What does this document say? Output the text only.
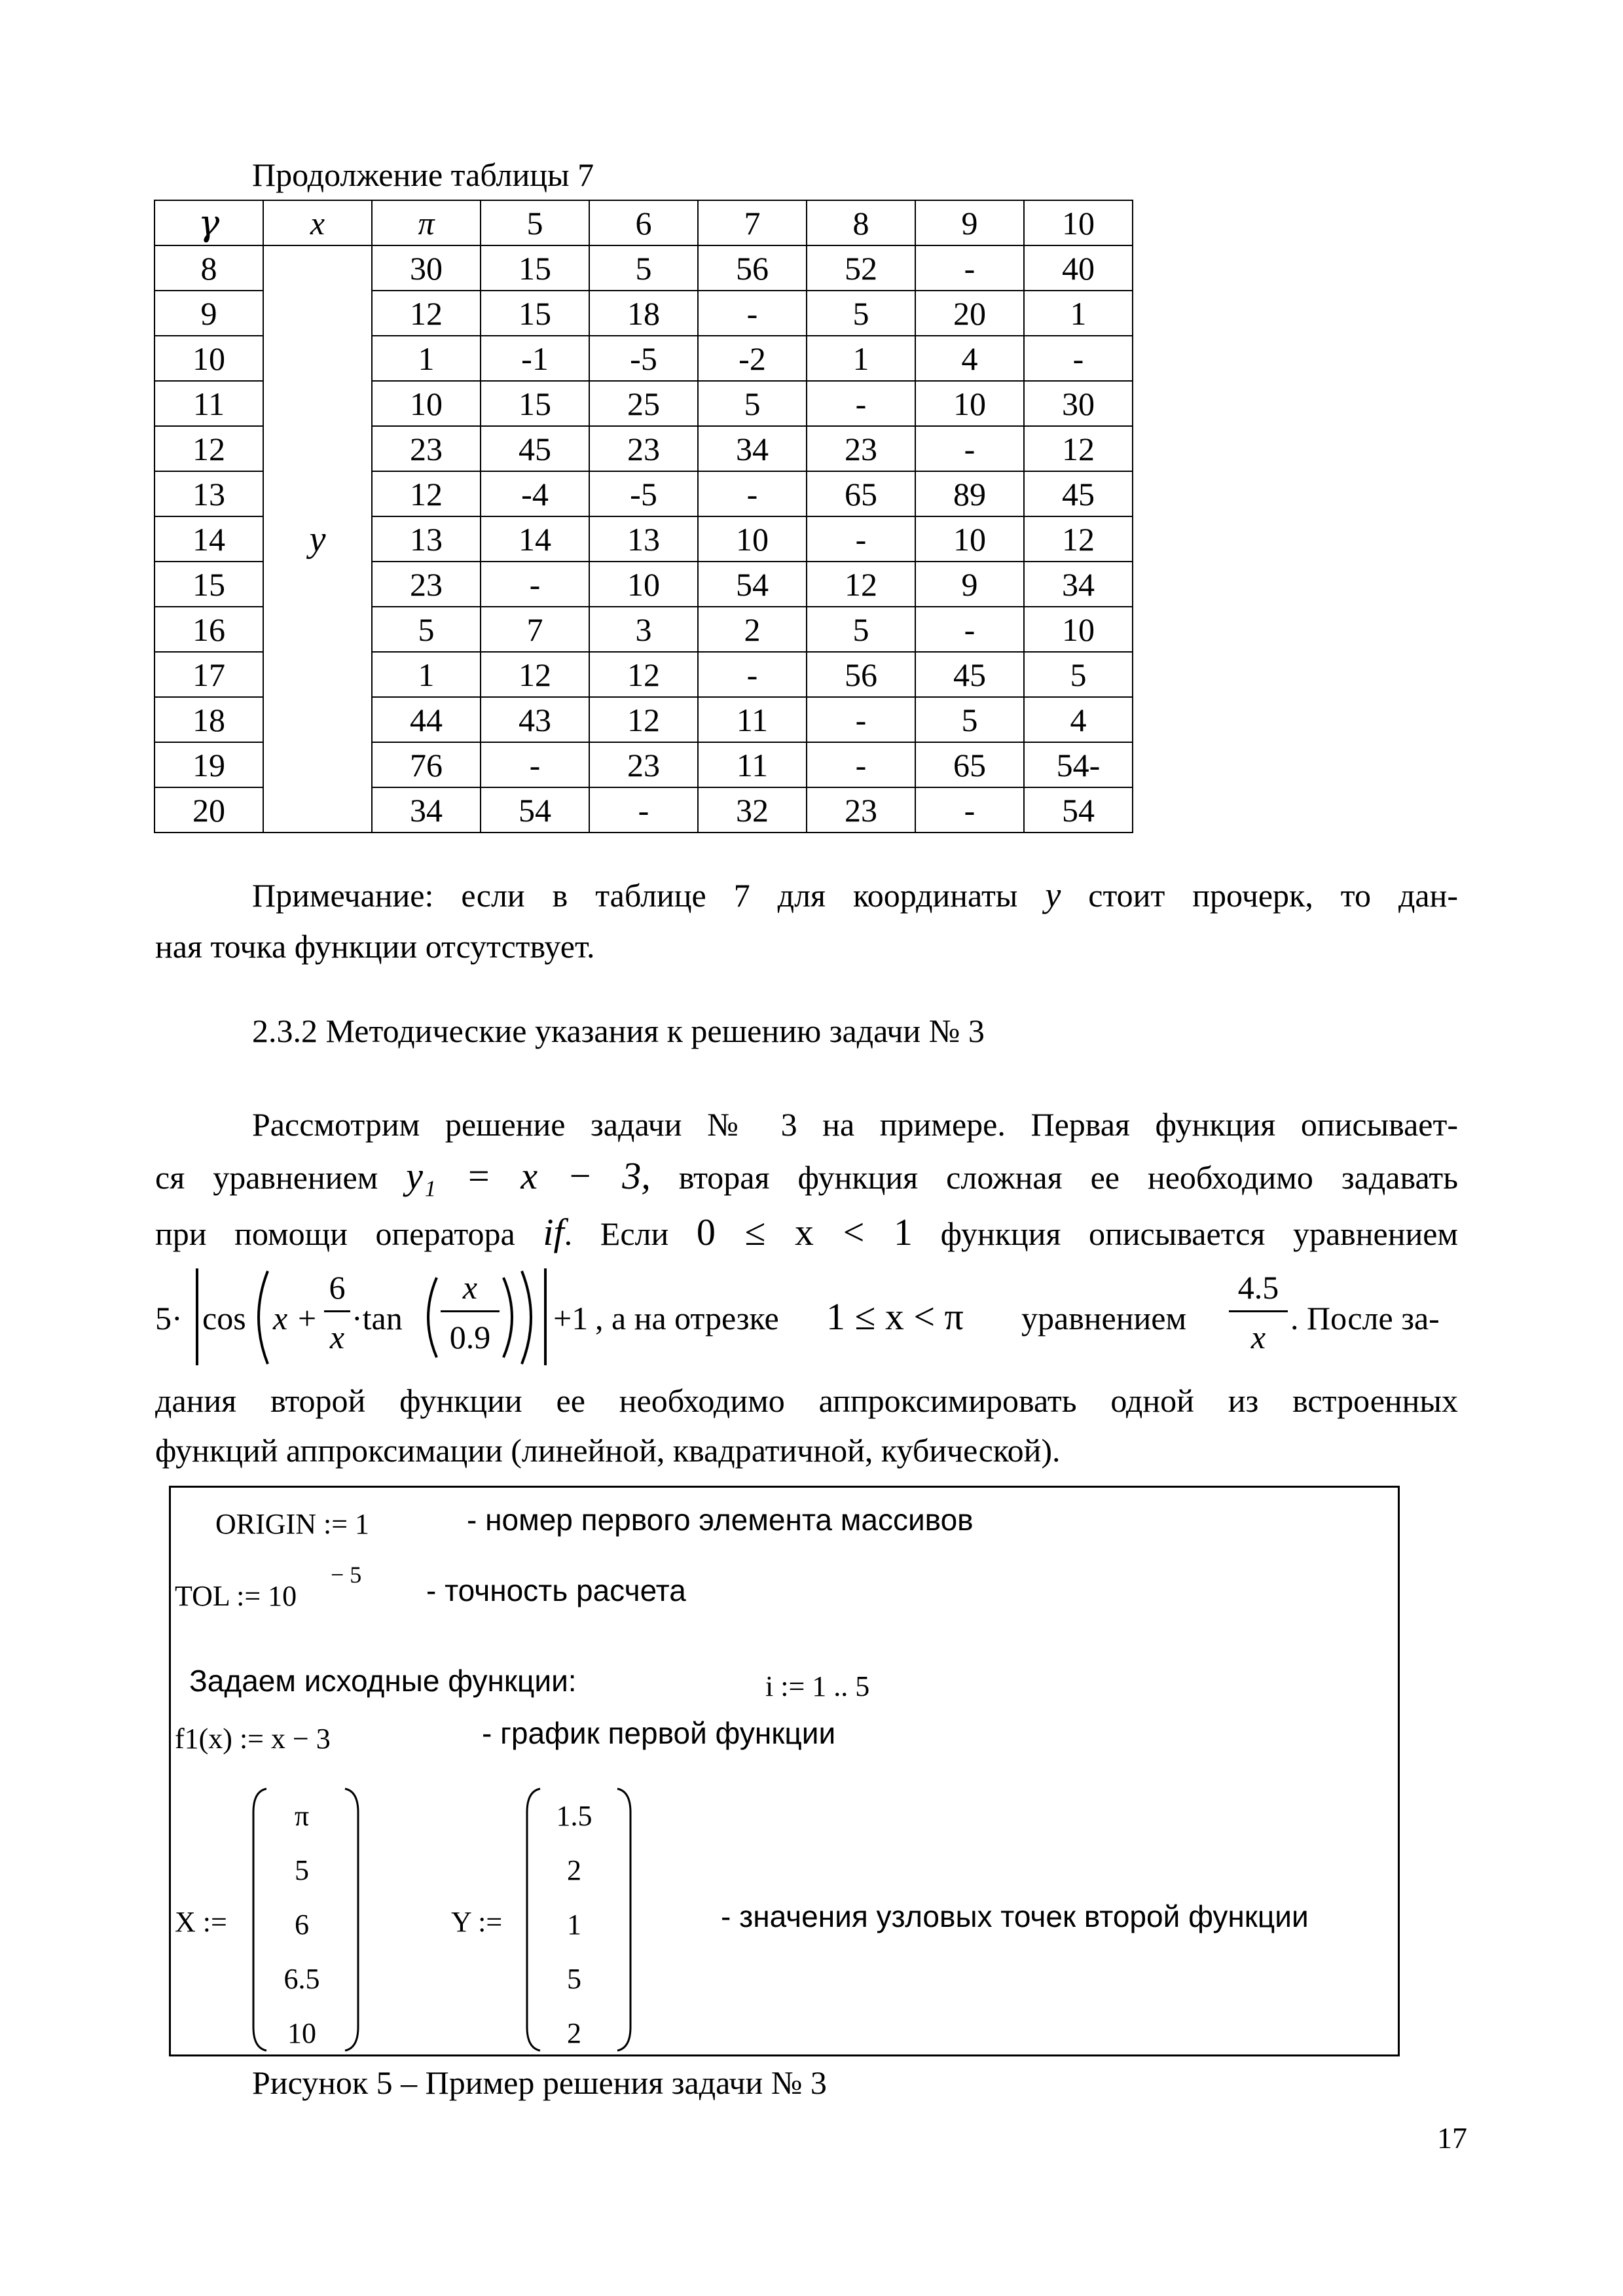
Продолжение таблицы 7
γ	x	π	5	6	7	8	9	10
8	y	30	15	5	56	52	-	40
9		12	15	18	-	5	20	1
10		1	-1	-5	-2	1	4	-
11		10	15	25	5	-	10	30
12		23	45	23	34	23	-	12
13		12	-4	-5	-	65	89	45
14		13	14	13	10	-	10	12
15		23	-	10	54	12	9	34
16		5	7	3	2	5	-	10
17		1	12	12	-	56	45	5
18		44	43	12	11	-	5	4
19		76	-	23	11	-	65	54-
20		34	54	-	32	23	-	54
Примечание: если в таблице 7 для координаты y стоит прочерк, то дан-
ная точка функции отсутствует.
2.3.2 Методические указания к решению задачи № 3
Рассмотрим решение задачи № 3 на примере. Первая функция описывает-
ся уравнением y₁ = x − 3, вторая функция сложная ее необходимо задавать
при помощи оператора if. Если 0 ≤ x < 1 функция описывается уравнением
5· cos x +
6
x
·tan
x
0.9
+1 , а на отрезке 1 ≤ x < π уравнением
4.5
x
. После за-
дания второй функции ее необходимо аппроксимировать одной из встроенных
функций аппроксимации (линейной, квадратичной, кубической).
ORIGIN := 1	- номер первого элемента массивов
TOL := 10
− 5 - точность расчета
Задаем исходные функции:	i := 1 .. 5
f1(x) := x − 3	- график первой функции
X :=
π
5
6
6.5
10
Y :=
1.5
2
1
5
2
- значения узловых точек второй функции
Рисунок 5 – Пример решения задачи № 3
17
